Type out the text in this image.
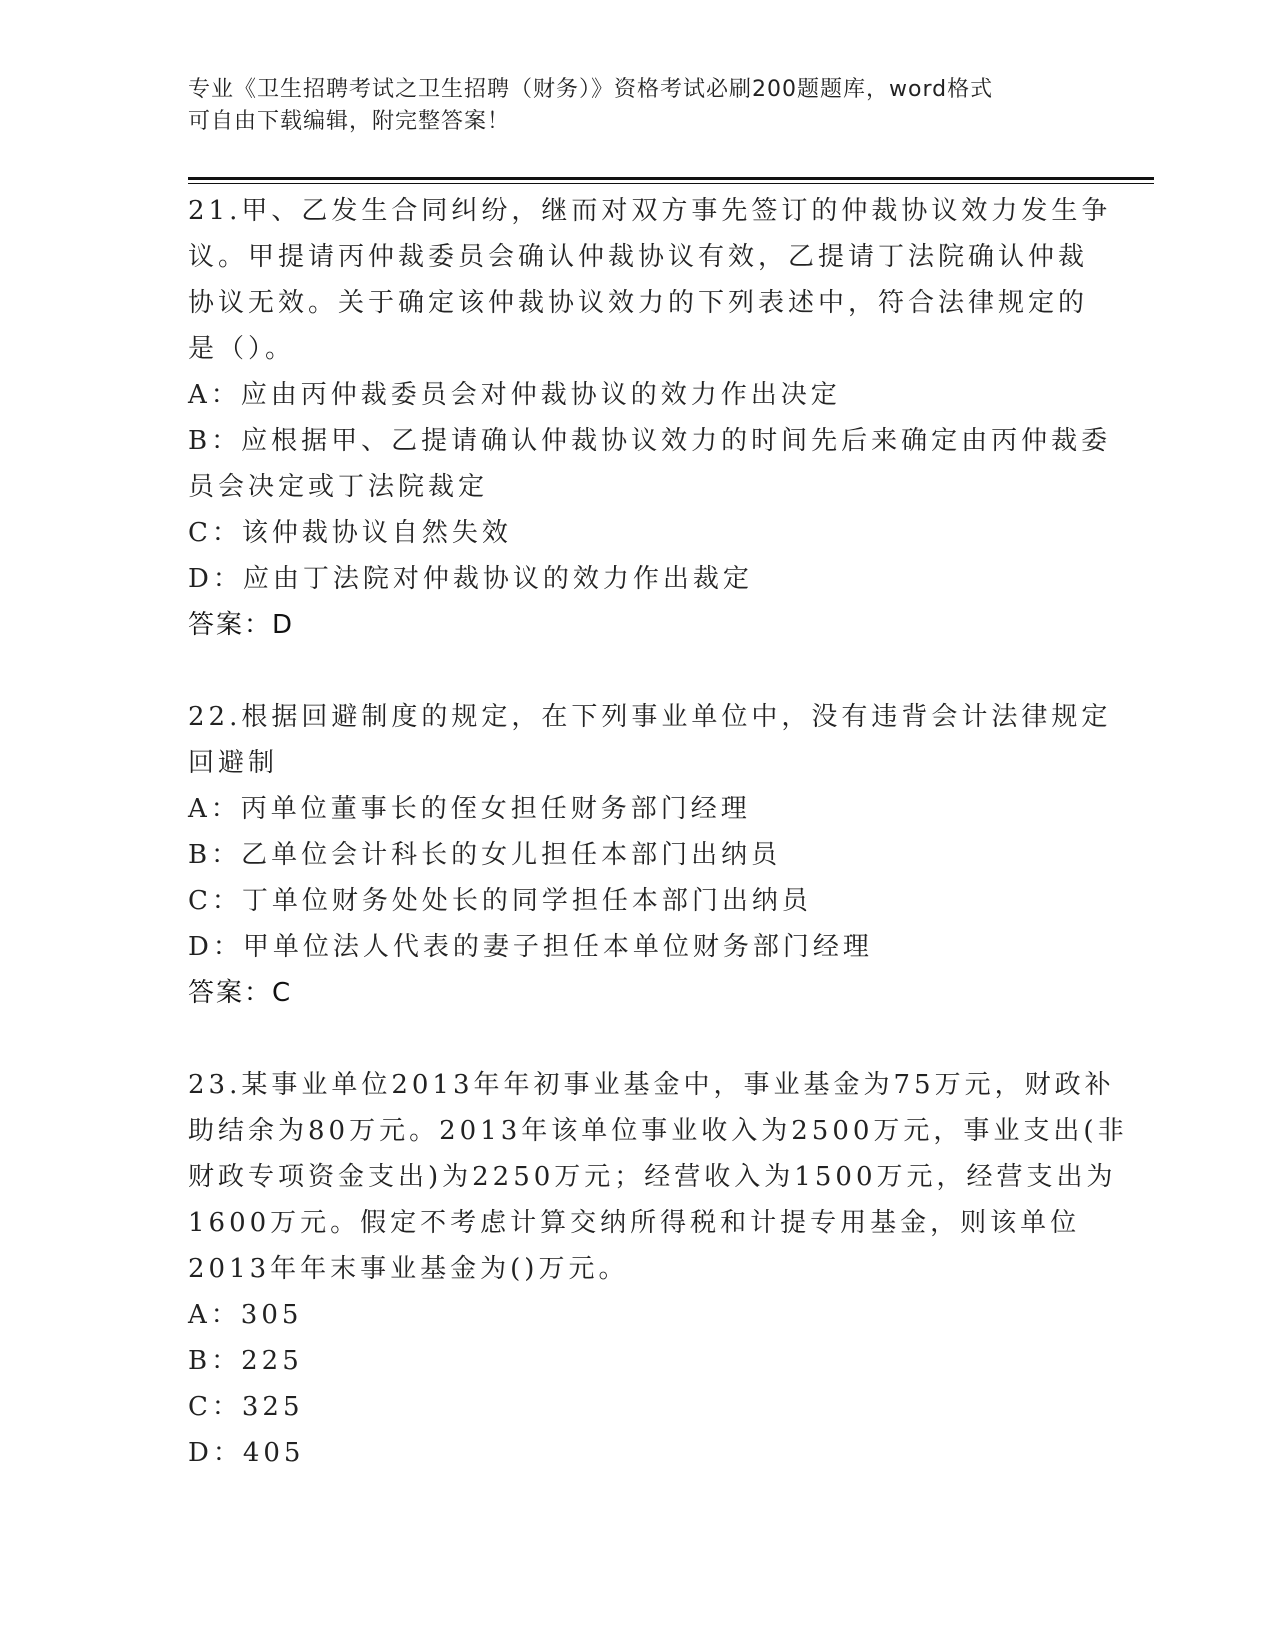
专业《卫生招聘考试之卫生招聘（财务）》资格考试必刷200题题库，word格式
可自由下载编辑，附完整答案！
21.甲、乙发生合同纠纷，继而对双方事先签订的仲裁协议效力发生争
议。甲提请丙仲裁委员会确认仲裁协议有效，乙提请丁法院确认仲裁
协议无效。关于确定该仲裁协议效力的下列表述中，符合法律规定的
是（）。
A：应由丙仲裁委员会对仲裁协议的效力作出决定
B：应根据甲、乙提请确认仲裁协议效力的时间先后来确定由丙仲裁委
员会决定或丁法院裁定
C：该仲裁协议自然失效
D：应由丁法院对仲裁协议的效力作出裁定
答案：D
22.根据回避制度的规定，在下列事业单位中，没有违背会计法律规定
回避制
A：丙单位董事长的侄女担任财务部门经理
B：乙单位会计科长的女儿担任本部门出纳员
C：丁单位财务处处长的同学担任本部门出纳员
D：甲单位法人代表的妻子担任本单位财务部门经理
答案：C
23.某事业单位2013年年初事业基金中，事业基金为75万元，财政补
助结余为80万元。2013年该单位事业收入为2500万元，事业支出(非
财政专项资金支出)为2250万元；经营收入为1500万元，经营支出为
1600万元。假定不考虑计算交纳所得税和计提专用基金，则该单位
2013年年末事业基金为()万元。
A：305
B：225
C：325
D：405
